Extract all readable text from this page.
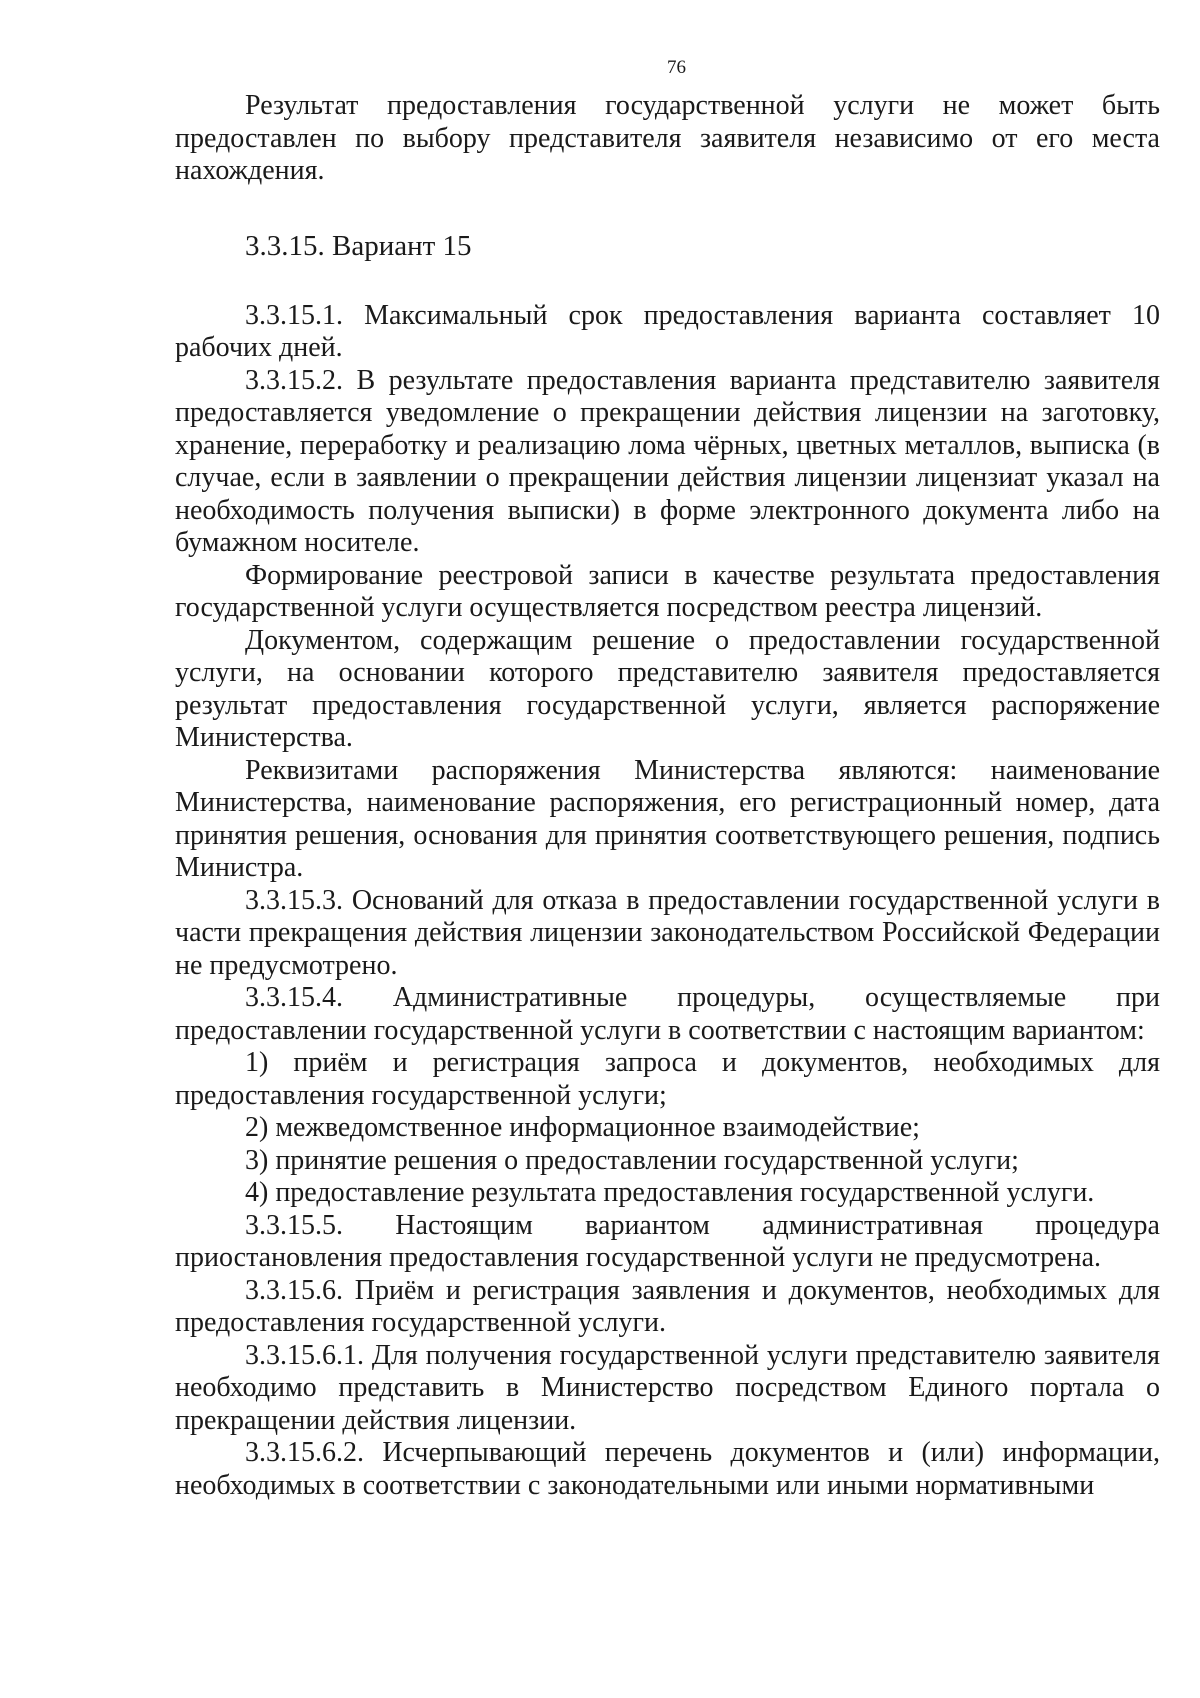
76

Результат предоставления государственной услуги не может быть предоставлен по выбору представителя заявителя независимо от его места нахождения.

3.3.15. Вариант 15

3.3.15.1. Максимальный срок предоставления варианта составляет 10 рабочих дней.

3.3.15.2. В результате предоставления варианта представителю заявителя предоставляется уведомление о прекращении действия лицензии на заготовку, хранение, переработку и реализацию лома чёрных, цветных металлов, выписка (в случае, если в заявлении о прекращении действия лицензии лицензиат указал на необходимость получения выписки) в форме электронного документа либо на бумажном носителе.

Формирование реестровой записи в качестве результата предоставления государственной услуги осуществляется посредством реестра лицензий.

Документом, содержащим решение о предоставлении государственной услуги, на основании которого представителю заявителя предоставляется результат предоставления государственной услуги, является распоряжение Министерства.

Реквизитами распоряжения Министерства являются: наименование Министерства, наименование распоряжения, его регистрационный номер, дата принятия решения, основания для принятия соответствующего решения, подпись Министра.

3.3.15.3. Оснований для отказа в предоставлении государственной услуги в части прекращения действия лицензии законодательством Российской Федерации не предусмотрено.

3.3.15.4. Административные процедуры, осуществляемые при предоставлении государственной услуги в соответствии с настоящим вариантом:

1) приём и регистрация запроса и документов, необходимых для предоставления государственной услуги;

2) межведомственное информационное взаимодействие;

3) принятие решения о предоставлении государственной услуги;

4) предоставление результата предоставления государственной услуги.

3.3.15.5. Настоящим вариантом административная процедура приостановления предоставления государственной услуги не предусмотрена.

3.3.15.6. Приём и регистрация заявления и документов, необходимых для предоставления государственной услуги.

3.3.15.6.1. Для получения государственной услуги представителю заявителя необходимо представить в Министерство посредством Единого портала о прекращении действия лицензии.

3.3.15.6.2. Исчерпывающий перечень документов и (или) информации, необходимых в соответствии с законодательными или иными нормативными
